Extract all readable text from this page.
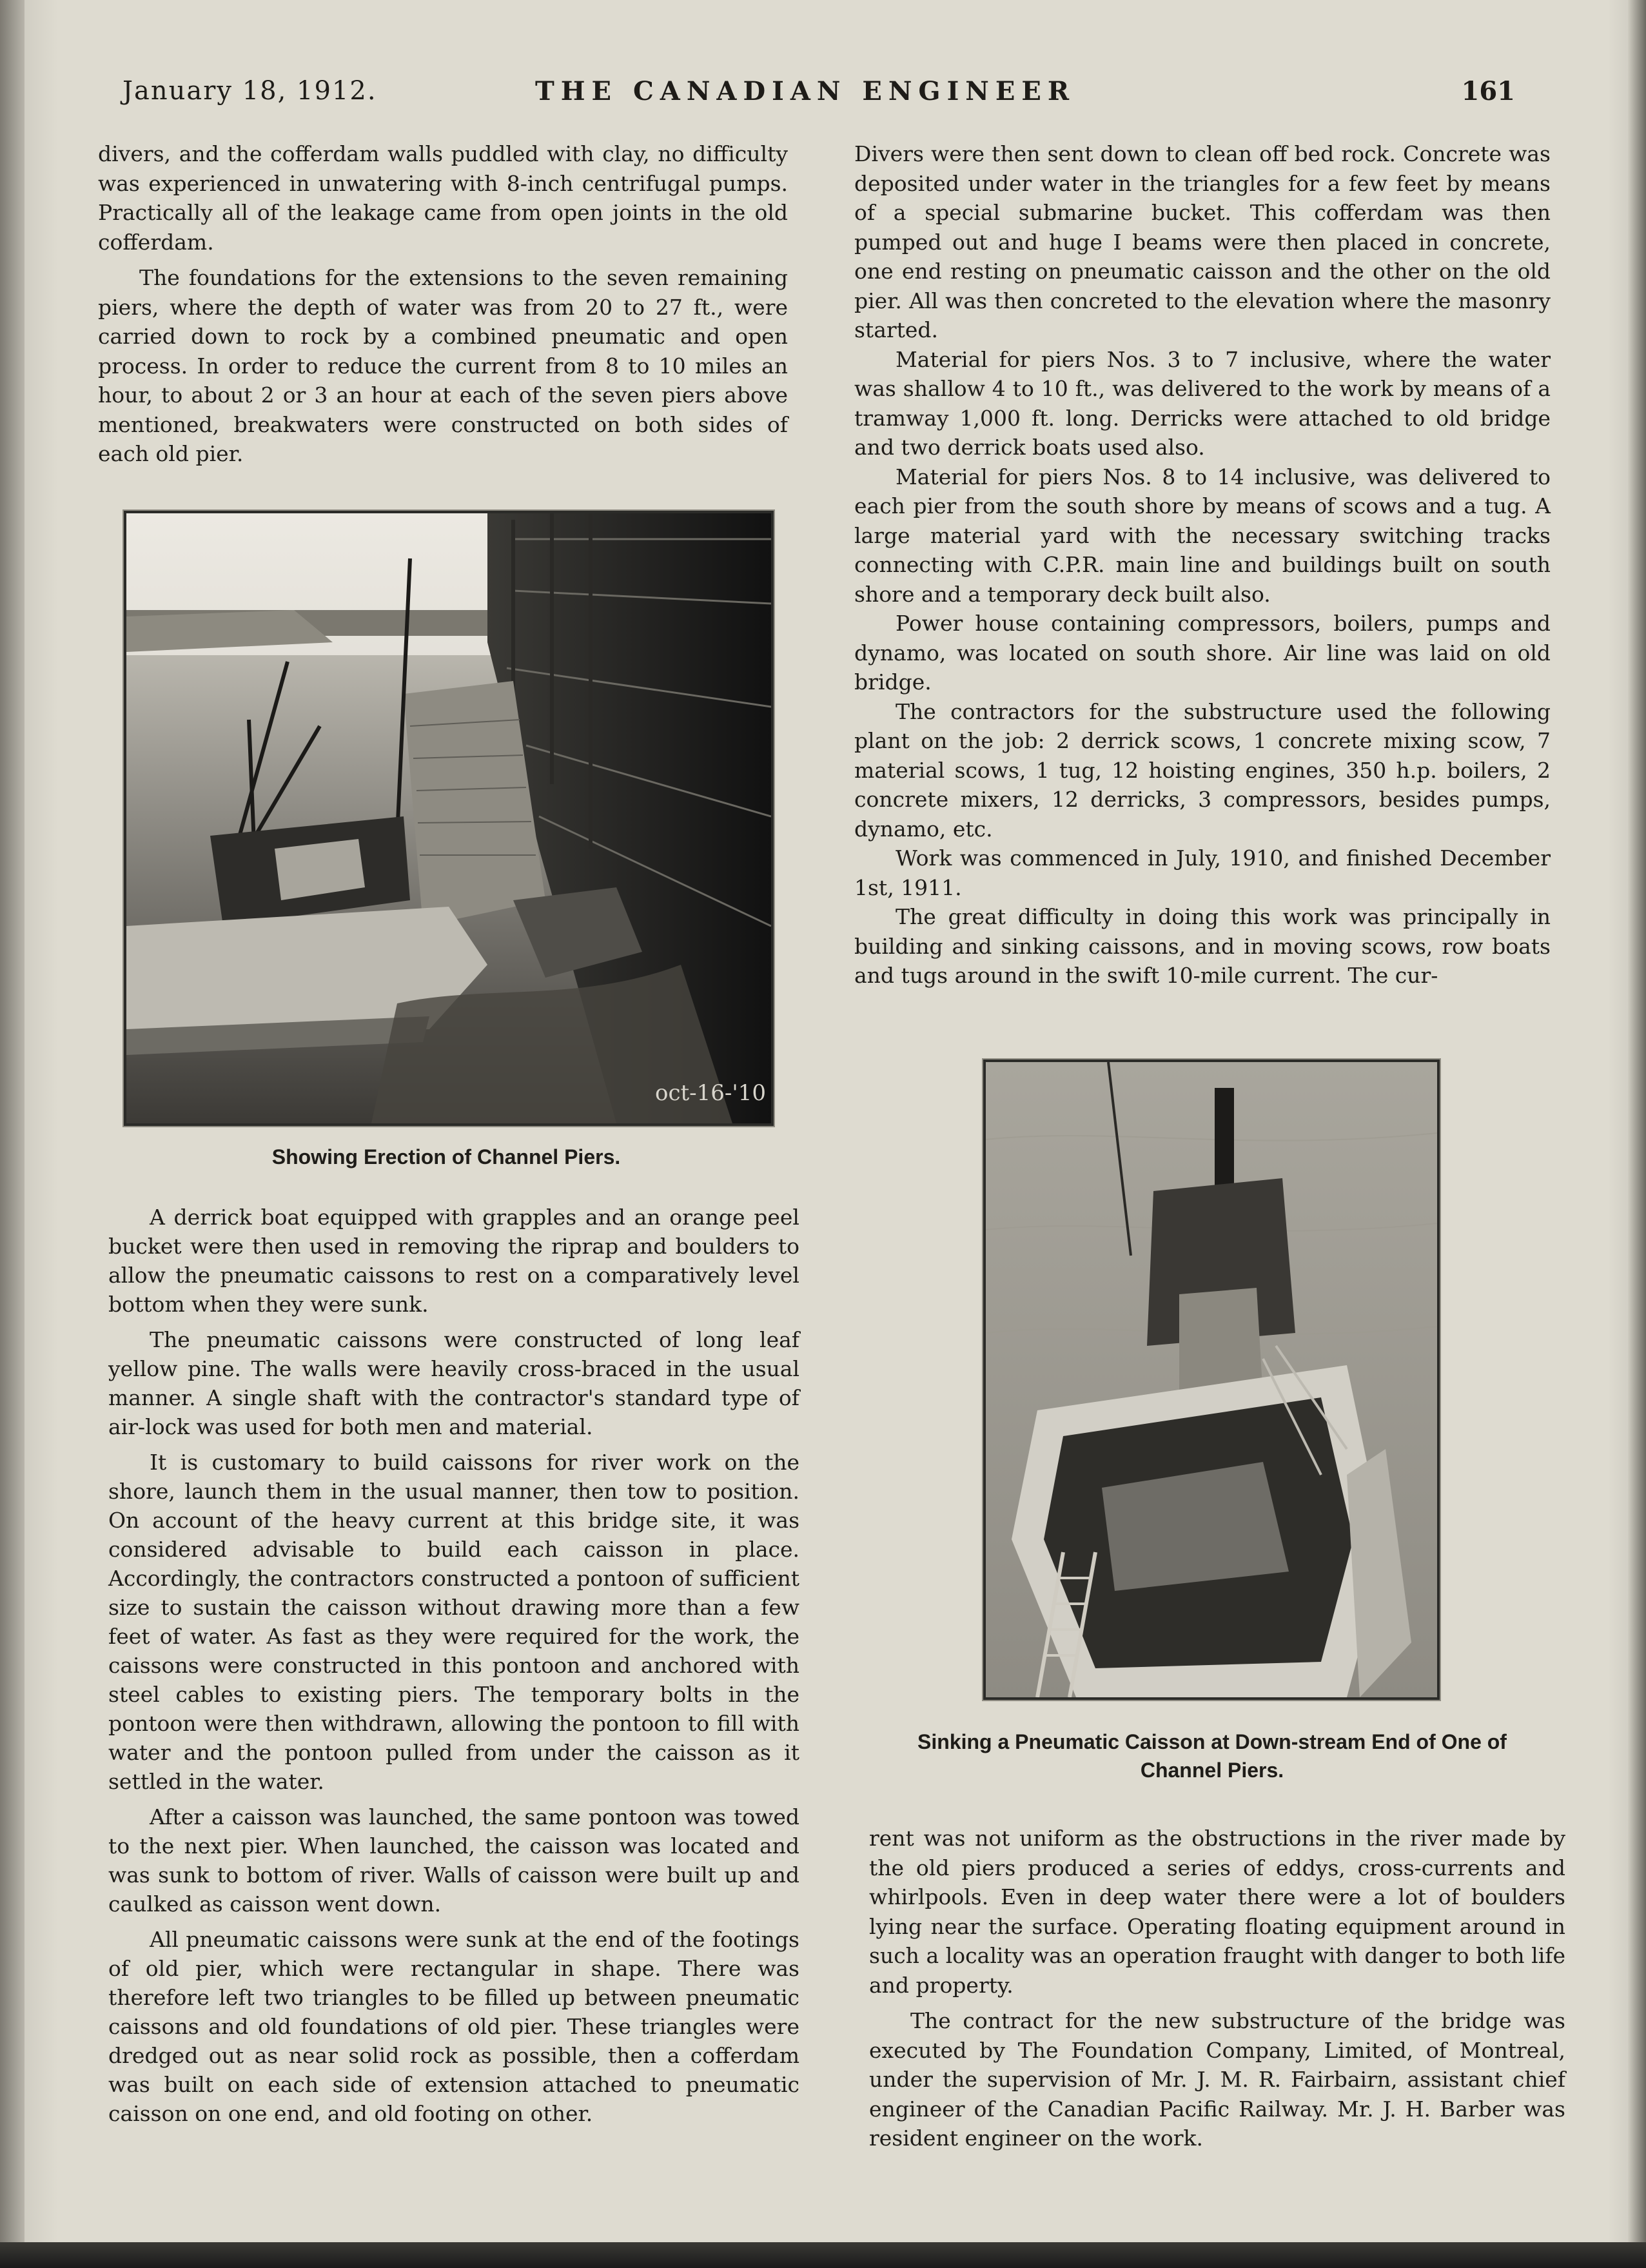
January 18, 1912.	THE CANADIAN ENGINEER	161

divers, and the cofferdam walls puddled with clay, no difficulty was experienced in unwatering with 8-inch centrifugal pumps. Practically all of the leakage came from open joints in the old cofferdam.

The foundations for the extensions to the seven remaining piers, where the depth of water was from 20 to 27 ft., were carried down to rock by a combined pneumatic and open process. In order to reduce the current from 8 to 10 miles an hour, to about 2 or 3 an hour at each of the seven piers above mentioned, breakwaters were constructed on both sides of each old pier.

oct-16-'10
Showing Erection of Channel Piers.

A derrick boat equipped with grapples and an orange peel bucket were then used in removing the riprap and boulders to allow the pneumatic caissons to rest on a comparatively level bottom when they were sunk.

The pneumatic caissons were constructed of long leaf yellow pine. The walls were heavily cross-braced in the usual manner. A single shaft with the contractor's standard type of air-lock was used for both men and material.

It is customary to build caissons for river work on the shore, launch them in the usual manner, then tow to position. On account of the heavy current at this bridge site, it was considered advisable to build each caisson in place. Accordingly, the contractors constructed a pontoon of sufficient size to sustain the caisson without drawing more than a few feet of water. As fast as they were required for the work, the caissons were constructed in this pontoon and anchored with steel cables to existing piers. The temporary bolts in the pontoon were then withdrawn, allowing the pontoon to fill with water and the pontoon pulled from under the caisson as it settled in the water.

After a caisson was launched, the same pontoon was towed to the next pier. When launched, the caisson was located and was sunk to bottom of river. Walls of caisson were built up and caulked as caisson went down.

All pneumatic caissons were sunk at the end of the footings of old pier, which were rectangular in shape. There was therefore left two triangles to be filled up between pneumatic caissons and old foundations of old pier. These triangles were dredged out as near solid rock as possible, then a cofferdam was built on each side of extension attached to pneumatic caisson on one end, and old footing on other.

Divers were then sent down to clean off bed rock. Concrete was deposited under water in the triangles for a few feet by means of a special submarine bucket. This cofferdam was then pumped out and huge I beams were then placed in concrete, one end resting on pneumatic caisson and the other on the old pier. All was then concreted to the elevation where the masonry started.

Material for piers Nos. 3 to 7 inclusive, where the water was shallow 4 to 10 ft., was delivered to the work by means of a tramway 1,000 ft. long. Derricks were attached to old bridge and two derrick boats used also.

Material for piers Nos. 8 to 14 inclusive, was delivered to each pier from the south shore by means of scows and a tug. A large material yard with the necessary switching tracks connecting with C.P.R. main line and buildings built on south shore and a temporary deck built also.

Power house containing compressors, boilers, pumps and dynamo, was located on south shore. Air line was laid on old bridge.

The contractors for the substructure used the following plant on the job: 2 derrick scows, 1 concrete mixing scow, 7 material scows, 1 tug, 12 hoisting engines, 350 h.p. boilers, 2 concrete mixers, 12 derricks, 3 compressors, besides pumps, dynamo, etc.

Work was commenced in July, 1910, and finished December 1st, 1911.

The great difficulty in doing this work was principally in building and sinking caissons, and in moving scows, row boats and tugs around in the swift 10-mile current. The cur-

Sinking a Pneumatic Caisson at Down-stream End of One of Channel Piers.

rent was not uniform as the obstructions in the river made by the old piers produced a series of eddys, cross-currents and whirlpools. Even in deep water there were a lot of boulders lying near the surface. Operating floating equipment around in such a locality was an operation fraught with danger to both life and property.

The contract for the new substructure of the bridge was executed by The Foundation Company, Limited, of Montreal, under the supervision of Mr. J. M. R. Fairbairn, assistant chief engineer of the Canadian Pacific Railway. Mr. J. H. Barber was resident engineer on the work.
